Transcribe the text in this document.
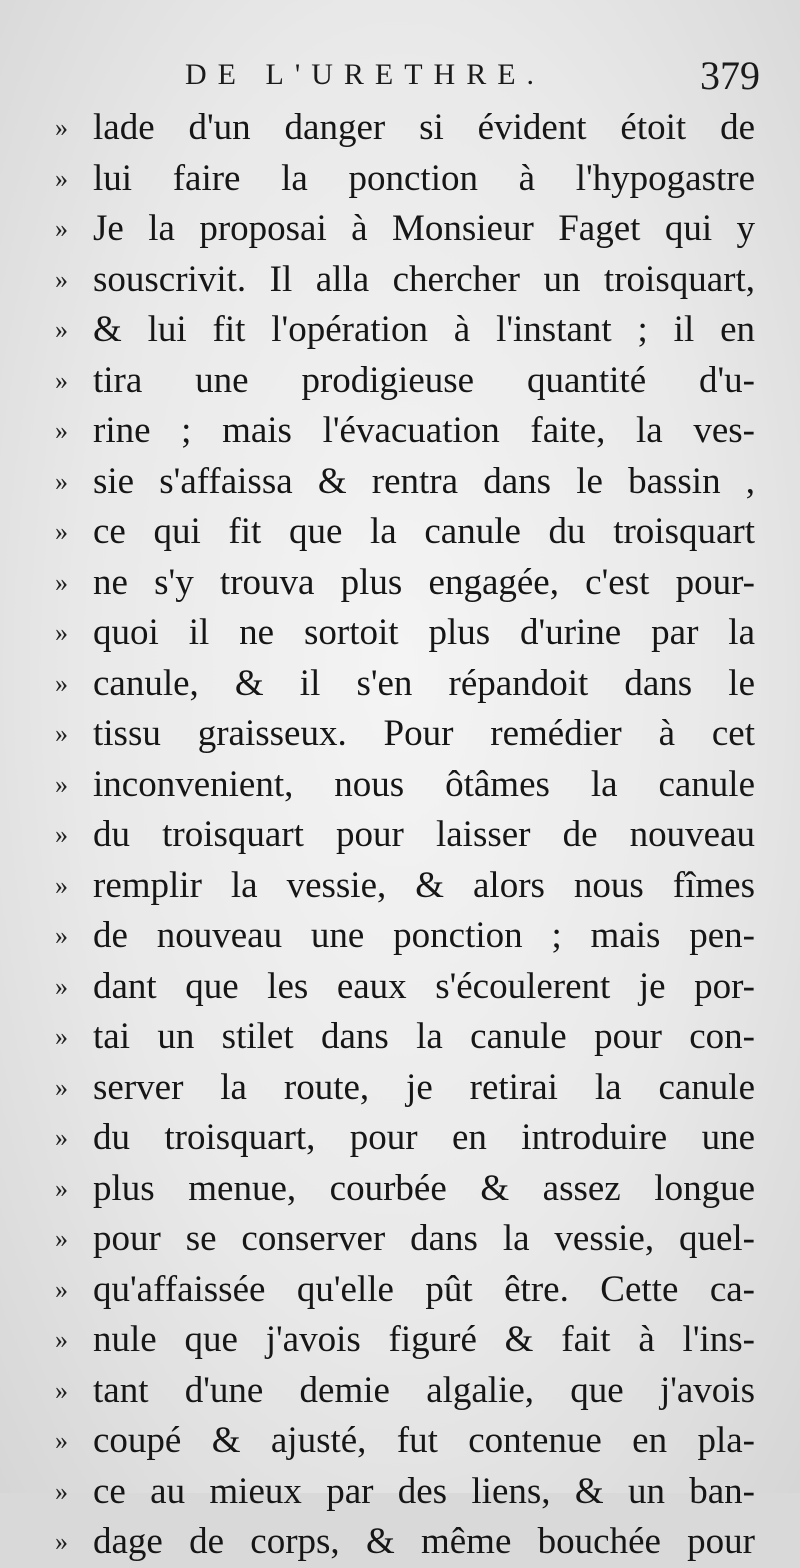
DE L'URETHRE.	379
» lade d'un danger si évident étoit de
» lui faire la ponction à l'hypogastre
» Je la proposai à Monsieur Faget qui y
» souscrivit. Il alla chercher un troisquart,
» & lui fit l'opération à l'instant ; il en
» tira une prodigieuse quantité d'u-
» rine ; mais l'évacuation faite, la ves-
» sie s'affaissa & rentra dans le bassin ,
» ce qui fit que la canule du troisquart
» ne s'y trouva plus engagée, c'est pour-
» quoi il ne sortoit plus d'urine par la
» canule, & il s'en répandoit dans le
» tissu graisseux. Pour remédier à cet
» inconvenient, nous ôtâmes la canule
» du troisquart pour laisser de nouveau
» remplir la vessie, & alors nous fîmes
» de nouveau une ponction ; mais pen-
» dant que les eaux s'écoulerent je por-
» tai un stilet dans la canule pour con-
» server la route, je retirai la canule
» du troisquart, pour en introduire une
» plus menue, courbée & assez longue
» pour se conserver dans la vessie, quel-
» qu'affaissée qu'elle pût être. Cette ca-
» nule que j'avois figuré & fait à l'ins-
» tant d'une demie algalie, que j'avois
» coupé & ajusté, fut contenue en pla-
» ce au mieux par des liens, & un ban-
» dage de corps, & même bouchée pour
